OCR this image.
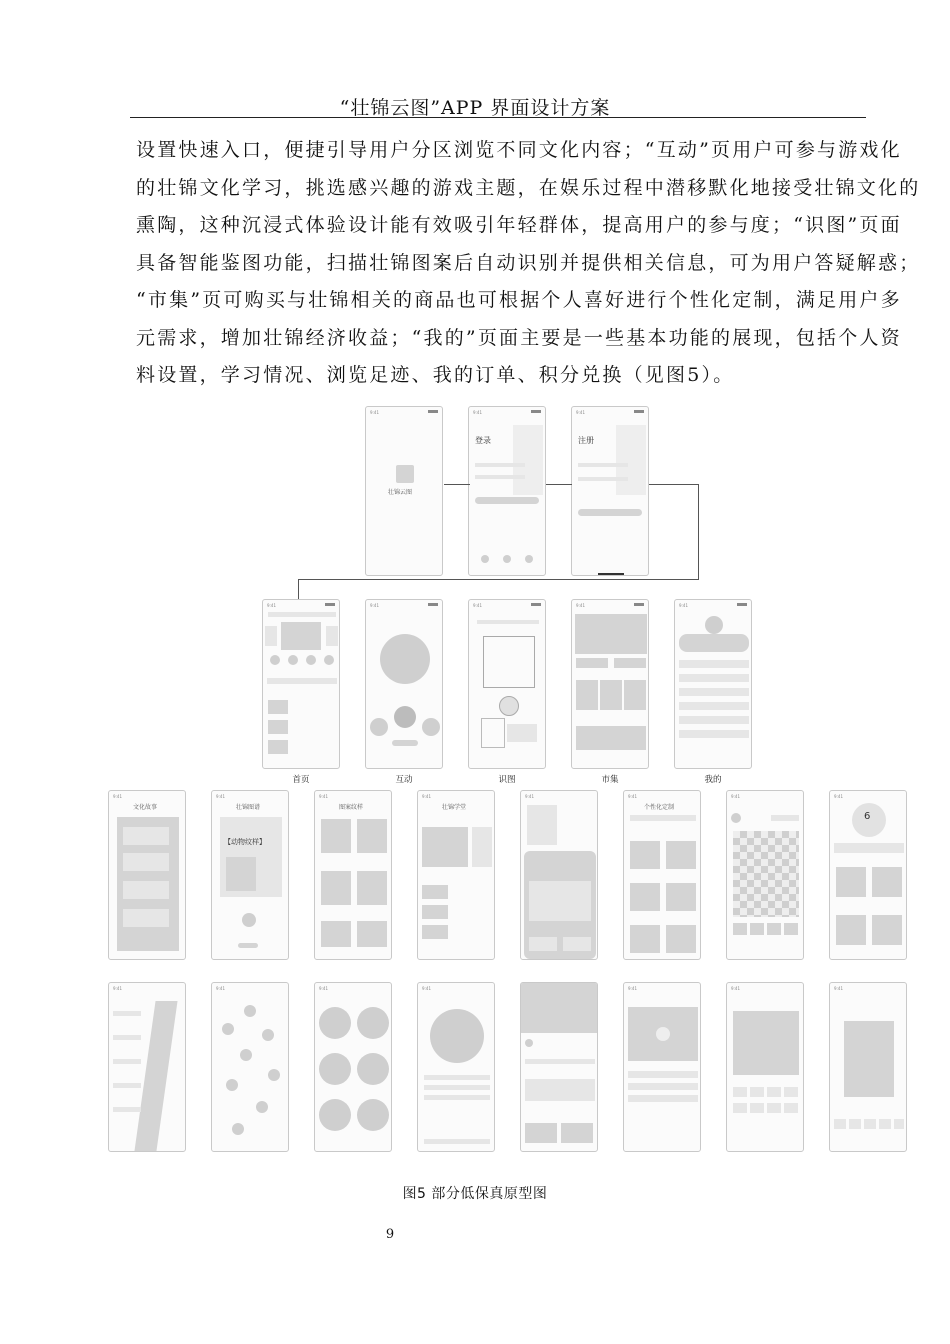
“壮锦云图”APP 界面设计方案
设置快速入口，便捷引导用户分区浏览不同文化内容；“互动”页用户可参与游戏化
的壮锦文化学习，挑选感兴趣的游戏主题，在娱乐过程中潜移默化地接受壮锦文化的
熏陶，这种沉浸式体验设计能有效吸引年轻群体，提高用户的参与度；“识图”页面
具备智能鉴图功能，扫描壮锦图案后自动识别并提供相关信息，可为用户答疑解惑；
“市集”页可购买与壮锦相关的商品也可根据个人喜好进行个性化定制，满足用户多
元需求，增加壮锦经济收益；“我的”页面主要是一些基本功能的展现，包括个人资
料设置，学习情况、浏览足迹、我的订单、积分兑换（见图5）。
9:41
壮锦云图
9:41
登录
9:41
注册
9:41	9:41	9:41	9:41	9:41
首页	互动	识图	市集	我的
9:41
文化故事
9:41
壮锦图谱
【动物纹样】
9:41
图案纹样
9:41
壮锦学堂
9:41	9:41
个性化定制
9:41	9:41
6
9:41	9:41	9:41	9:41	9:41	9:41	9:41
图5 部分低保真原型图
9
